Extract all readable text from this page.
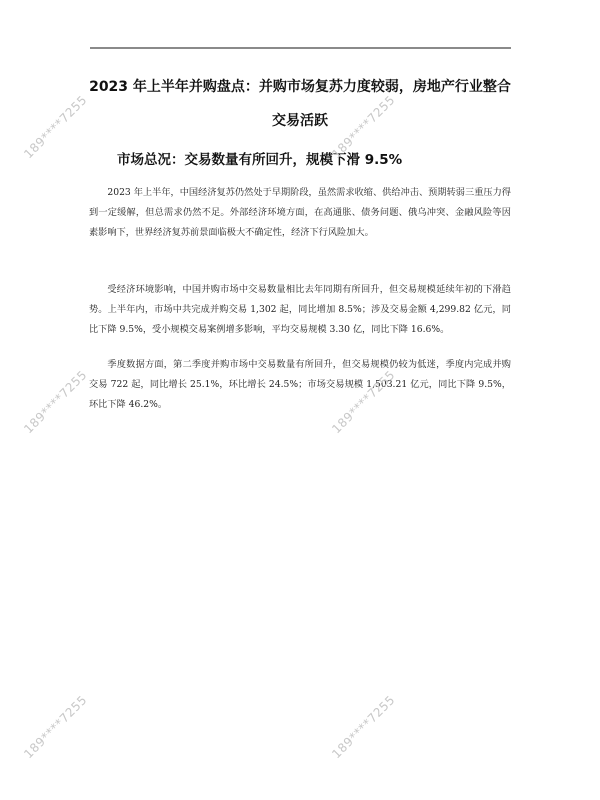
2023 年上半年并购盘点：并购市场复苏力度较弱，房地产行业整合
交易活跃
市场总况：交易数量有所回升，规模下滑 9.5%

2023 年上半年，中国经济复苏仍然处于早期阶段，虽然需求收缩、供给冲击、预期转弱三重压力得到一定缓解，但总需求仍然不足。外部经济环境方面，在高通胀、债务问题、俄乌冲突、金融风险等因素影响下，世界经济复苏前景面临极大不确定性，经济下行风险加大。

受经济环境影响，中国并购市场中交易数量相比去年同期有所回升，但交易规模延续年初的下滑趋势。上半年内，市场中共完成并购交易 1,302 起，同比增加 8.5%；涉及交易金额 4,299.82 亿元，同比下降 9.5%，受小规模交易案例增多影响，平均交易规模 3.30 亿，同比下降 16.6%。

季度数据方面，第二季度并购市场中交易数量有所回升，但交易规模仍较为低迷，季度内完成并购交易 722 起，同比增长 25.1%，环比增长 24.5%；市场交易规模 1,503.21 亿元，同比下降 9.5%，环比下降 46.2%。

189****7255	189****7255
189****7255	189****7255
189****7255	189****7255
